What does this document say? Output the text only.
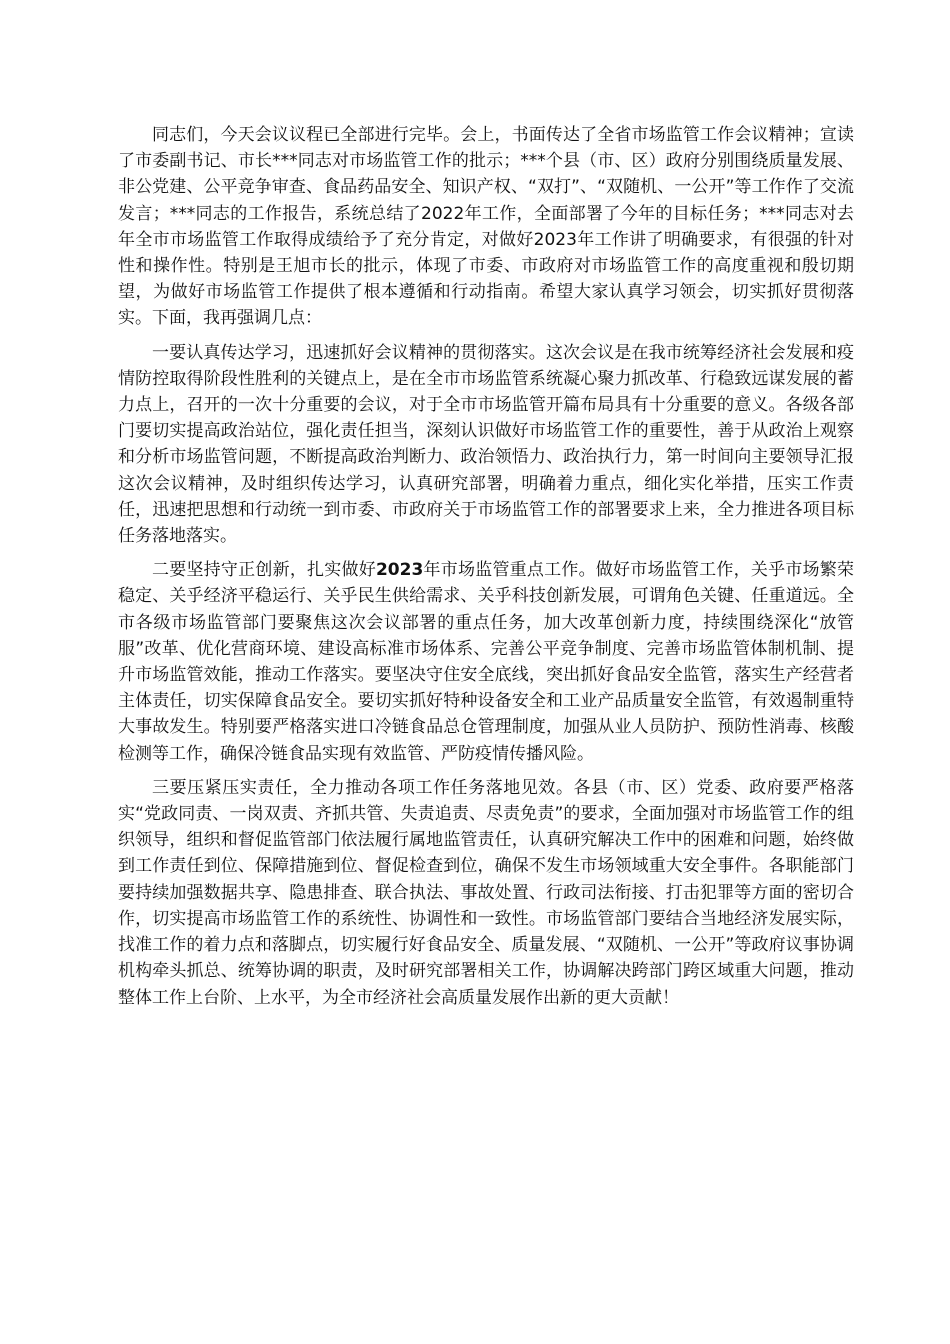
同志们，今天会议议程已全部进行完毕。会上，书面传达了全省市场监管工作会议精神；宣读了市委副书记、市长***同志对市场监管工作的批示；***个县（市、区）政府分别围绕质量发展、非公党建、公平竞争审查、食品药品安全、知识产权、“双打”、“双随机、一公开”等工作作了交流发言；***同志的工作报告，系统总结了2022年工作，全面部署了今年的目标任务；***同志对去年全市市场监管工作取得成绩给予了充分肯定，对做好2023年工作讲了明确要求，有很强的针对性和操作性。特别是王旭市长的批示，体现了市委、市政府对市场监管工作的高度重视和殷切期望，为做好市场监管工作提供了根本遵循和行动指南。希望大家认真学习领会，切实抓好贯彻落实。下面，我再强调几点：

一要认真传达学习，迅速抓好会议精神的贯彻落实。这次会议是在我市统筹经济社会发展和疫情防控取得阶段性胜利的关键点上，是在全市市场监管系统凝心聚力抓改革、行稳致远谋发展的蓄力点上，召开的一次十分重要的会议，对于全市市场监管开篇布局具有十分重要的意义。各级各部门要切实提高政治站位，强化责任担当，深刻认识做好市场监管工作的重要性，善于从政治上观察和分析市场监管问题，不断提高政治判断力、政治领悟力、政治执行力，第一时间向主要领导汇报这次会议精神，及时组织传达学习，认真研究部署，明确着力重点，细化实化举措，压实工作责任，迅速把思想和行动统一到市委、市政府关于市场监管工作的部署要求上来，全力推进各项目标任务落地落实。

二要坚持守正创新，扎实做好2023年市场监管重点工作。做好市场监管工作，关乎市场繁荣稳定、关乎经济平稳运行、关乎民生供给需求、关乎科技创新发展，可谓角色关键、任重道远。全市各级市场监管部门要聚焦这次会议部署的重点任务，加大改革创新力度，持续围绕深化“放管服”改革、优化营商环境、建设高标准市场体系、完善公平竞争制度、完善市场监管体制机制、提升市场监管效能，推动工作落实。要坚决守住安全底线，突出抓好食品安全监管，落实生产经营者主体责任，切实保障食品安全。要切实抓好特种设备安全和工业产品质量安全监管，有效遏制重特大事故发生。特别要严格落实进口冷链食品总仓管理制度，加强从业人员防护、预防性消毒、核酸检测等工作，确保冷链食品实现有效监管、严防疫情传播风险。

三要压紧压实责任，全力推动各项工作任务落地见效。各县（市、区）党委、政府要严格落实“党政同责、一岗双责、齐抓共管、失责追责、尽责免责”的要求，全面加强对市场监管工作的组织领导，组织和督促监管部门依法履行属地监管责任，认真研究解决工作中的困难和问题，始终做到工作责任到位、保障措施到位、督促检查到位，确保不发生市场领域重大安全事件。各职能部门要持续加强数据共享、隐患排查、联合执法、事故处置、行政司法衔接、打击犯罪等方面的密切合作，切实提高市场监管工作的系统性、协调性和一致性。市场监管部门要结合当地经济发展实际，找准工作的着力点和落脚点，切实履行好食品安全、质量发展、“双随机、一公开”等政府议事协调机构牵头抓总、统筹协调的职责，及时研究部署相关工作，协调解决跨部门跨区域重大问题，推动整体工作上台阶、上水平，为全市经济社会高质量发展作出新的更大贡献！
